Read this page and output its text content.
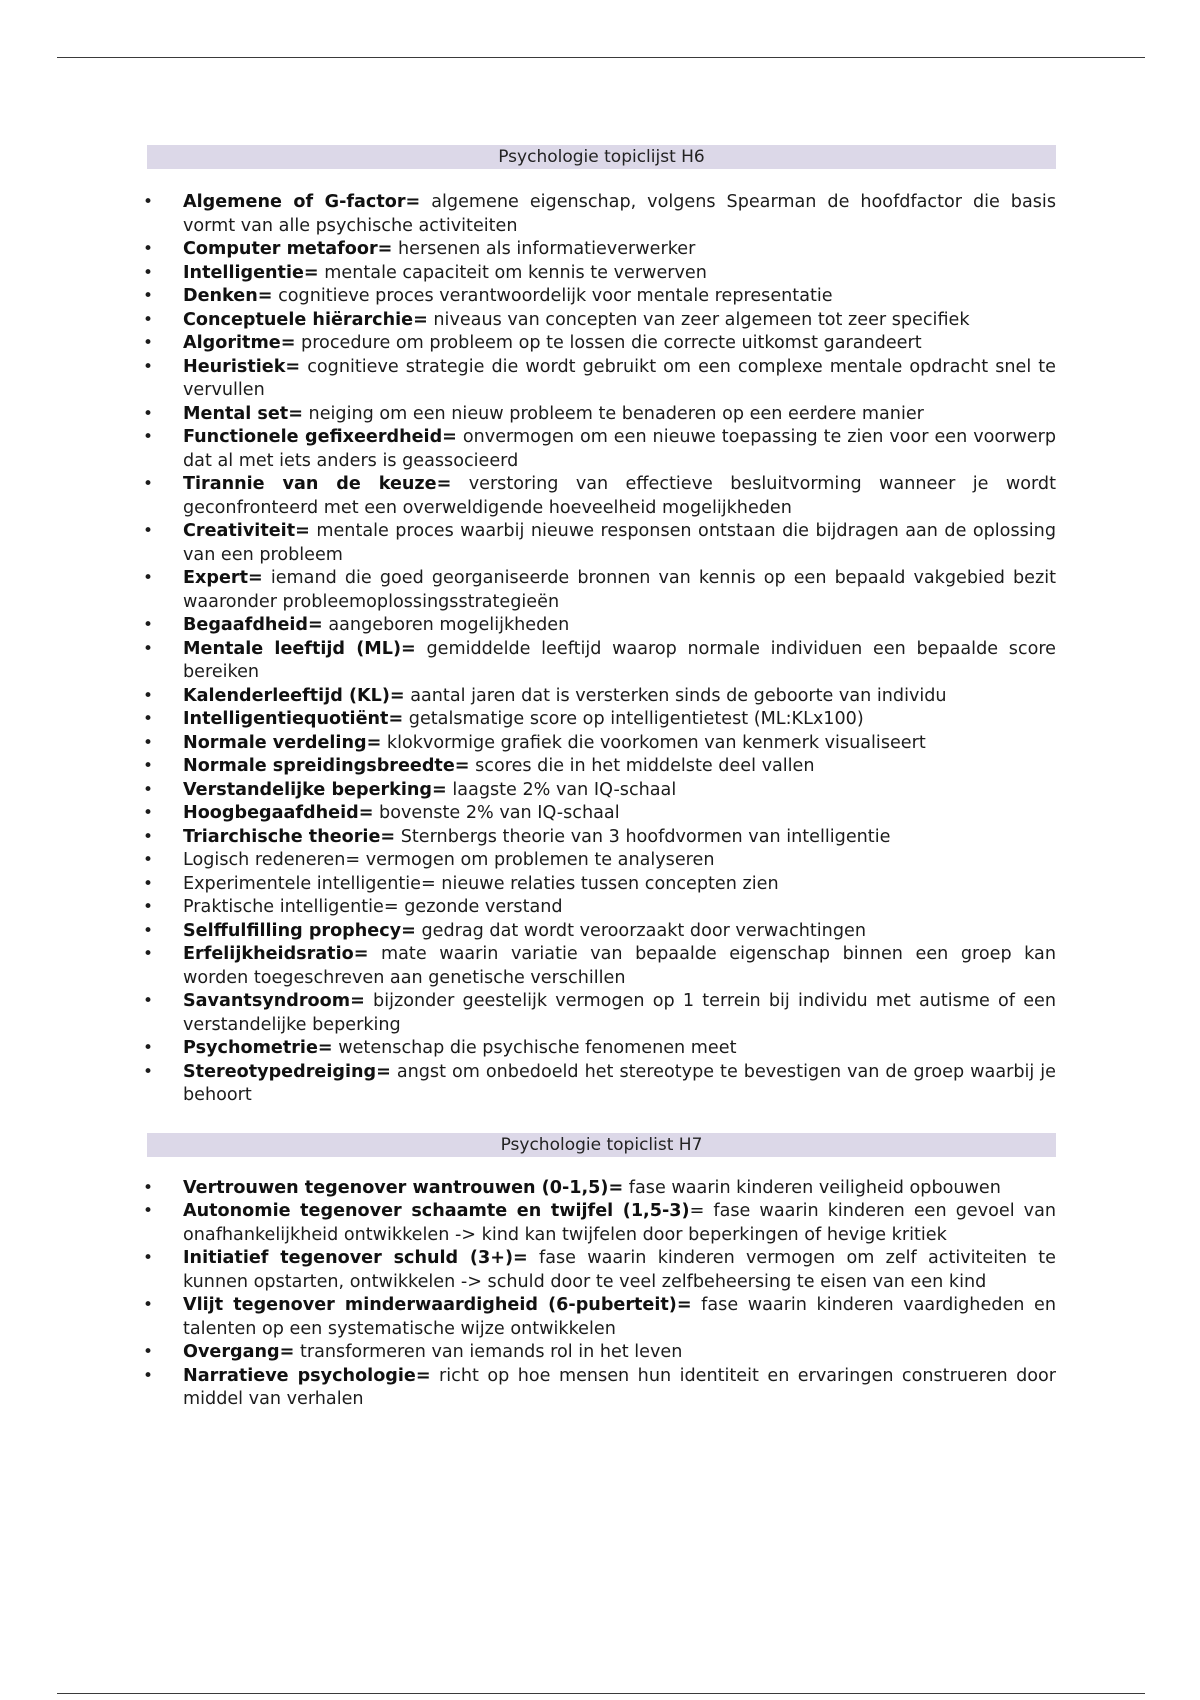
Psychologie topiclijst H6
• Algemene of G-factor= algemene eigenschap, volgens Spearman de hoofdfactor die basis vormt van alle psychische activiteiten
• Computer metafoor= hersenen als informatieverwerker
• Intelligentie= mentale capaciteit om kennis te verwerven
• Denken= cognitieve proces verantwoordelijk voor mentale representatie
• Conceptuele hiërarchie= niveaus van concepten van zeer algemeen tot zeer specifiek
• Algoritme= procedure om probleem op te lossen die correcte uitkomst garandeert
• Heuristiek= cognitieve strategie die wordt gebruikt om een complexe mentale opdracht snel te vervullen
• Mental set= neiging om een nieuw probleem te benaderen op een eerdere manier
• Functionele gefixeerdheid= onvermogen om een nieuwe toepassing te zien voor een voorwerp dat al met iets anders is geassocieerd
• Tirannie van de keuze= verstoring van effectieve besluitvorming wanneer je wordt geconfronteerd met een overweldigende hoeveelheid mogelijkheden
• Creativiteit= mentale proces waarbij nieuwe responsen ontstaan die bijdragen aan de oplossing van een probleem
• Expert= iemand die goed georganiseerde bronnen van kennis op een bepaald vakgebied bezit waaronder probleemoplossingsstrategieën
• Begaafdheid= aangeboren mogelijkheden
• Mentale leeftijd (ML)= gemiddelde leeftijd waarop normale individuen een bepaalde score bereiken
• Kalenderleeftijd (KL)= aantal jaren dat is versterken sinds de geboorte van individu
• Intelligentiequotiënt= getalsmatige score op intelligentietest (ML:KLx100)
• Normale verdeling= klokvormige grafiek die voorkomen van kenmerk visualiseert
• Normale spreidingsbreedte= scores die in het middelste deel vallen
• Verstandelijke beperking= laagste 2% van IQ-schaal
• Hoogbegaafdheid= bovenste 2% van IQ-schaal
• Triarchische theorie= Sternbergs theorie van 3 hoofdvormen van intelligentie
• Logisch redeneren= vermogen om problemen te analyseren
• Experimentele intelligentie= nieuwe relaties tussen concepten zien
• Praktische intelligentie= gezonde verstand
• Selffulfilling prophecy= gedrag dat wordt veroorzaakt door verwachtingen
• Erfelijkheidsratio= mate waarin variatie van bepaalde eigenschap binnen een groep kan worden toegeschreven aan genetische verschillen
• Savantsyndroom= bijzonder geestelijk vermogen op 1 terrein bij individu met autisme of een verstandelijke beperking
• Psychometrie= wetenschap die psychische fenomenen meet
• Stereotypedreiging= angst om onbedoeld het stereotype te bevestigen van de groep waarbij je behoort
Psychologie topiclist H7
• Vertrouwen tegenover wantrouwen (0-1,5)= fase waarin kinderen veiligheid opbouwen
• Autonomie tegenover schaamte en twijfel (1,5-3)= fase waarin kinderen een gevoel van onafhankelijkheid ontwikkelen -> kind kan twijfelen door beperkingen of hevige kritiek
• Initiatief tegenover schuld (3+)= fase waarin kinderen vermogen om zelf activiteiten te kunnen opstarten, ontwikkelen -> schuld door te veel zelfbeheersing te eisen van een kind
• Vlijt tegenover minderwaardigheid (6-puberteit)= fase waarin kinderen vaardigheden en talenten op een systematische wijze ontwikkelen
• Overgang= transformeren van iemands rol in het leven
• Narratieve psychologie= richt op hoe mensen hun identiteit en ervaringen construeren door middel van verhalen
